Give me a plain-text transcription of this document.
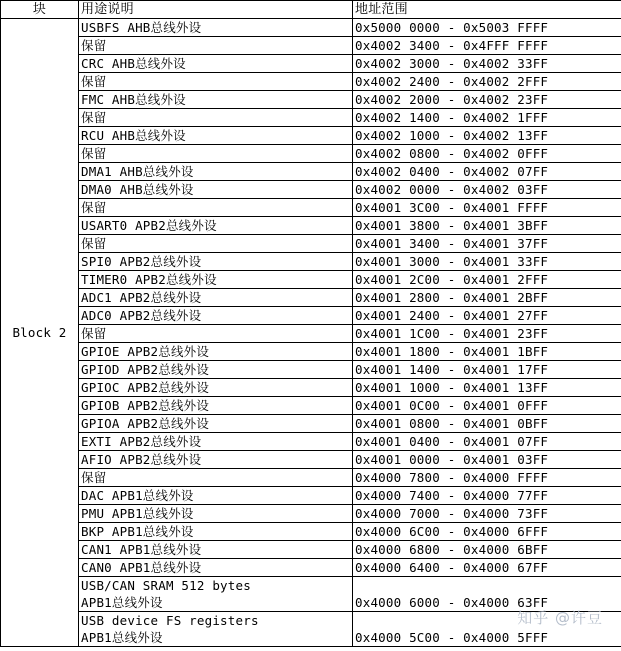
块	用途说明	地址范围
Block 2	USBFS AHB总线外设	0x5000 0000 - 0x5003 FFFF
	保留	0x4002 3400 - 0x4FFF FFFF
	CRC AHB总线外设	0x4002 3000 - 0x4002 33FF
	保留	0x4002 2400 - 0x4002 2FFF
	FMC AHB总线外设	0x4002 2000 - 0x4002 23FF
	保留	0x4002 1400 - 0x4002 1FFF
	RCU AHB总线外设	0x4002 1000 - 0x4002 13FF
	保留	0x4002 0800 - 0x4002 0FFF
	DMA1 AHB总线外设	0x4002 0400 - 0x4002 07FF
	DMA0 AHB总线外设	0x4002 0000 - 0x4002 03FF
	保留	0x4001 3C00 - 0x4001 FFFF
	USART0 APB2总线外设	0x4001 3800 - 0x4001 3BFF
	保留	0x4001 3400 - 0x4001 37FF
	SPI0 APB2总线外设	0x4001 3000 - 0x4001 33FF
	TIMER0 APB2总线外设	0x4001 2C00 - 0x4001 2FFF
	ADC1 APB2总线外设	0x4001 2800 - 0x4001 2BFF
	ADC0 APB2总线外设	0x4001 2400 - 0x4001 27FF
	保留	0x4001 1C00 - 0x4001 23FF
	GPIOE APB2总线外设	0x4001 1800 - 0x4001 1BFF
	GPIOD APB2总线外设	0x4001 1400 - 0x4001 17FF
	GPIOC APB2总线外设	0x4001 1000 - 0x4001 13FF
	GPIOB APB2总线外设	0x4001 0C00 - 0x4001 0FFF
	GPIOA APB2总线外设	0x4001 0800 - 0x4001 0BFF
	EXTI APB2总线外设	0x4001 0400 - 0x4001 07FF
	AFIO APB2总线外设	0x4001 0000 - 0x4001 03FF
	保留	0x4000 7800 - 0x4000 FFFF
	DAC APB1总线外设	0x4000 7400 - 0x4000 77FF
	PMU APB1总线外设	0x4000 7000 - 0x4000 73FF
	BKP APB1总线外设	0x4000 6C00 - 0x4000 6FFF
	CAN1 APB1总线外设	0x4000 6800 - 0x4000 6BFF
	CAN0 APB1总线外设	0x4000 6400 - 0x4000 67FF

	USB/CAN SRAM 512 bytes
APB1总线外设	0x4000 6000 - 0x4000 63FF

	USB device FS registers
APB1总线外设	0x4000 5C00 - 0x4000 5FFF
知乎 @许豆
